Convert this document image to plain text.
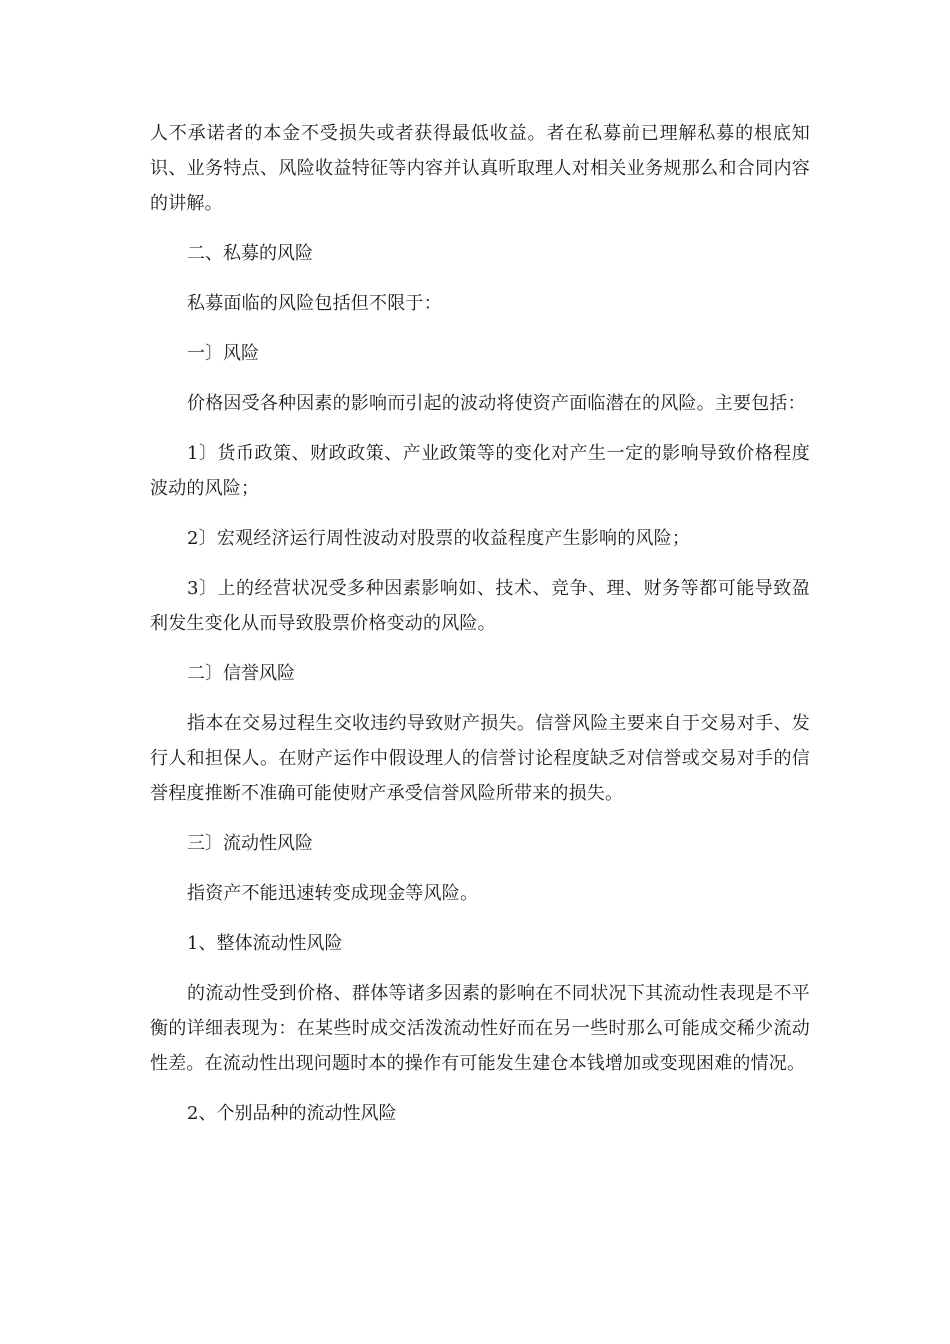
人不承诺者的本金不受损失或者获得最低收益。者在私募前已理解私募的根底知识、业务特点、风险收益特征等内容并认真听取理人对相关业务规那么和合同内容的讲解。

二、私募的风险

私募面临的风险包括但不限于：

一〕风险

价格因受各种因素的影响而引起的波动将使资产面临潜在的风险。主要包括：

1〕货币政策、财政政策、产业政策等的变化对产生一定的影响导致价格程度波动的风险；

2〕宏观经济运行周性波动对股票的收益程度产生影响的风险；

3〕上的经营状况受多种因素影响如、技术、竞争、理、财务等都可能导致盈利发生变化从而导致股票价格变动的风险。

二〕信誉风险

指本在交易过程生交收违约导致财产损失。信誉风险主要来自于交易对手、发行人和担保人。在财产运作中假设理人的信誉讨论程度缺乏对信誉或交易对手的信誉程度推断不准确可能使财产承受信誉风险所带来的损失。

三〕流动性风险

指资产不能迅速转变成现金等风险。

1、整体流动性风险

的流动性受到价格、群体等诸多因素的影响在不同状况下其流动性表现是不平衡的详细表现为：在某些时成交活泼流动性好而在另一些时那么可能成交稀少流动性差。在流动性出现问题时本的操作有可能发生建仓本钱增加或变现困难的情况。

2、个别品种的流动性风险
